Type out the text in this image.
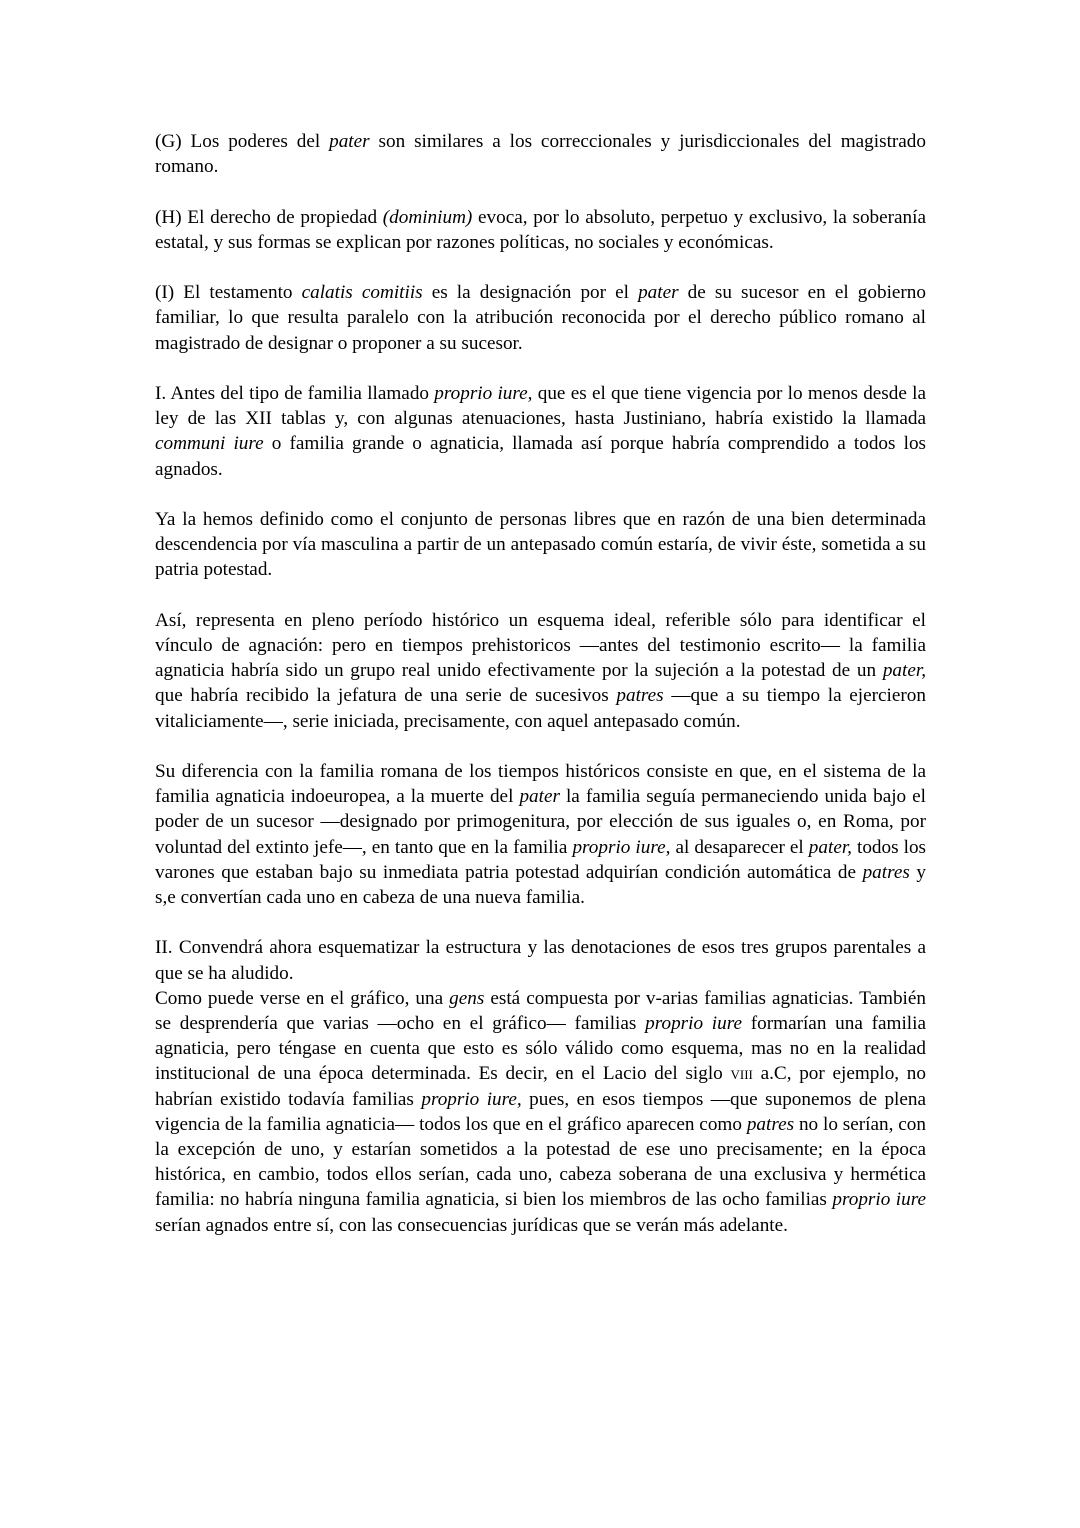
(G) Los poderes del pater son similares a los correccionales y jurisdiccionales del magistrado romano.

(H) El derecho de propiedad (dominium) evoca, por lo absoluto, perpetuo y exclusivo, la soberanía estatal, y sus formas se explican por razones políticas, no sociales y económicas.

(I) El testamento calatis comitiis es la designación por el pater de su sucesor en el gobierno familiar, lo que resulta paralelo con la atribución reconocida por el derecho público romano al magistrado de designar o proponer a su sucesor.

I. Antes del tipo de familia llamado proprio iure, que es el que tiene vigencia por lo menos desde la ley de las XII tablas y, con algunas atenuaciones, hasta Justiniano, habría existido la llamada communi iure o familia grande o agnaticia, llamada así porque habría comprendido a todos los agnados.

Ya la hemos definido como el conjunto de personas libres que en razón de una bien determinada descendencia por vía masculina a partir de un antepasado común estaría, de vivir éste, sometida a su patria potestad.

Así, representa en pleno período histórico un esquema ideal, referible sólo para identificar el vínculo de agnación: pero en tiempos prehistoricos —antes del testimonio escrito— la familia agnaticia habría sido un grupo real unido efectivamente por la sujeción a la potestad de un pater, que habría recibido la jefatura de una serie de sucesivos patres —que a su tiempo la ejercieron vitaliciamente—, serie iniciada, precisamente, con aquel antepasado común.

Su diferencia con la familia romana de los tiempos históricos consiste en que, en el sistema de la familia agnaticia indoeuropea, a la muerte del pater la familia seguía permaneciendo unida bajo el poder de un sucesor —designado por primogenitura, por elección de sus iguales o, en Roma, por voluntad del extinto jefe—, en tanto que en la familia proprio iure, al desaparecer el pater, todos los varones que estaban bajo su inmediata patria potestad adquirían condición automática de patres y s,e convertían cada uno en cabeza de una nueva familia.

II. Convendrá ahora esquematizar la estructura y las denotaciones de esos tres grupos parentales a que se ha aludido.

Como puede verse en el gráfico, una gens está compuesta por v-arias familias agnaticias. También se desprendería que varias —ocho en el gráfico— familias proprio iure formarían una familia agnaticia, pero téngase en cuenta que esto es sólo válido como esquema, mas no en la realidad institucional de una época determinada. Es decir, en el Lacio del siglo viii a.C, por ejemplo, no habrían existido todavía familias proprio iure, pues, en esos tiempos —que suponemos de plena vigencia de la familia agnaticia— todos los que en el gráfico aparecen como patres no lo serían, con la excepción de uno, y estarían sometidos a la potestad de ese uno precisamente; en la época histórica, en cambio, todos ellos serían, cada uno, cabeza soberana de una exclusiva y hermética familia: no habría ninguna familia agnaticia, si bien los miembros de las ocho familias proprio iure serían agnados entre sí, con las consecuencias jurídicas que se verán más adelante.
